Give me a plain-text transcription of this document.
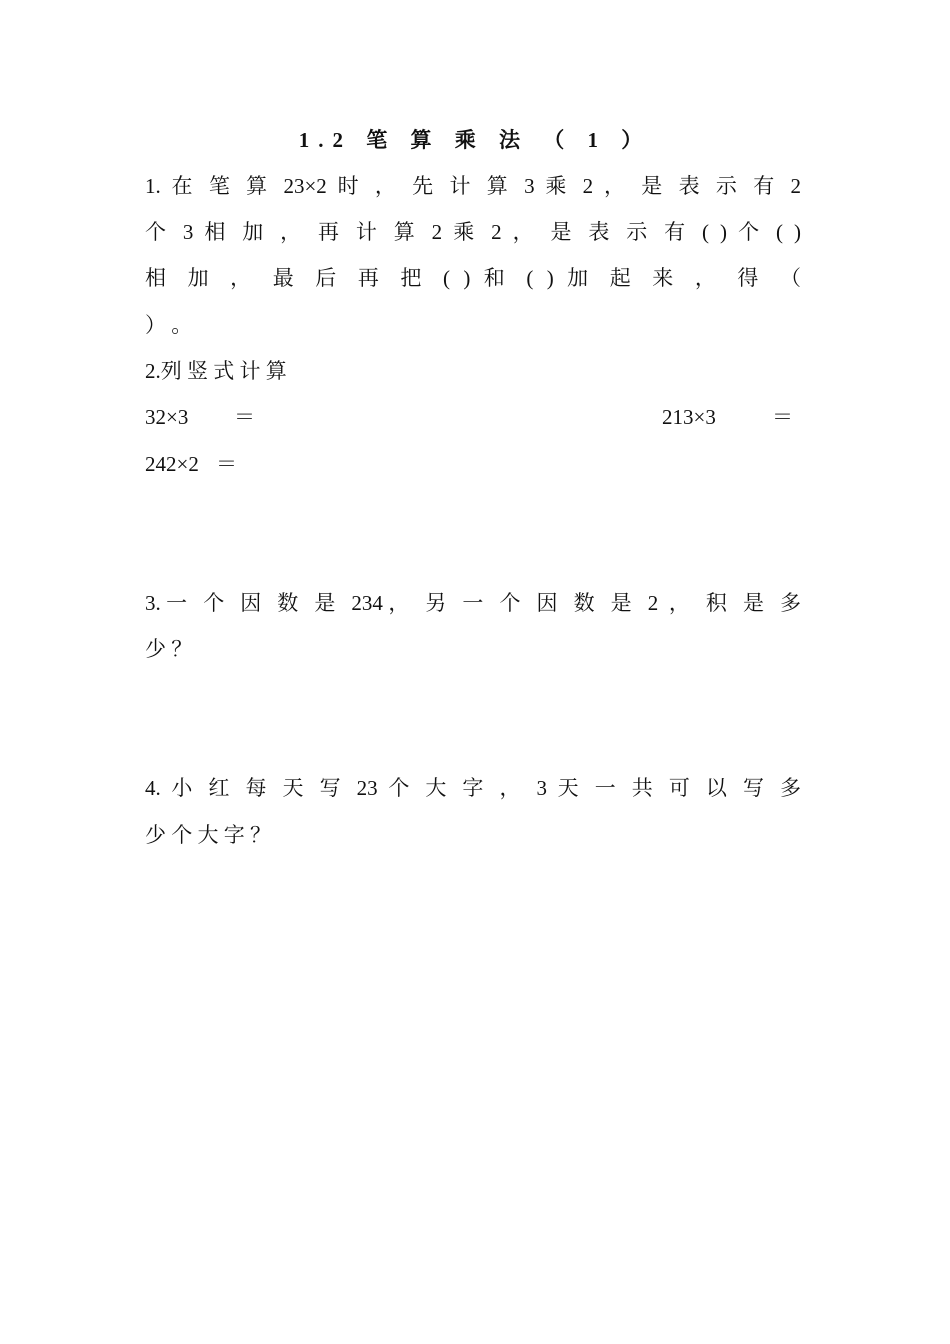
1.2 笔 算 乘 法 （ 1 ）
1. 在 笔 算 23×2 时 ， 先 计 算 3 乘 2 ， 是 表 示 有 2
个 3 相 加 ， 再 计 算 2 乘 2 ， 是 表 示 有 ( ) 个 ( )
相 加 ， 最 后 再 把 ( ) 和 ( ) 加 起 来 ， 得 （
） 。
2.列 竖 式 计 算
32×3 ＝	213×3	＝
242×2 ＝
3.一 个 因 数 是 234， 另 一 个 因 数 是 2 ， 积 是 多
少 ？
4. 小 红 每 天 写 23 个 大 字 ， 3 天 一 共 可 以 写 多
少 个 大 字 ？
